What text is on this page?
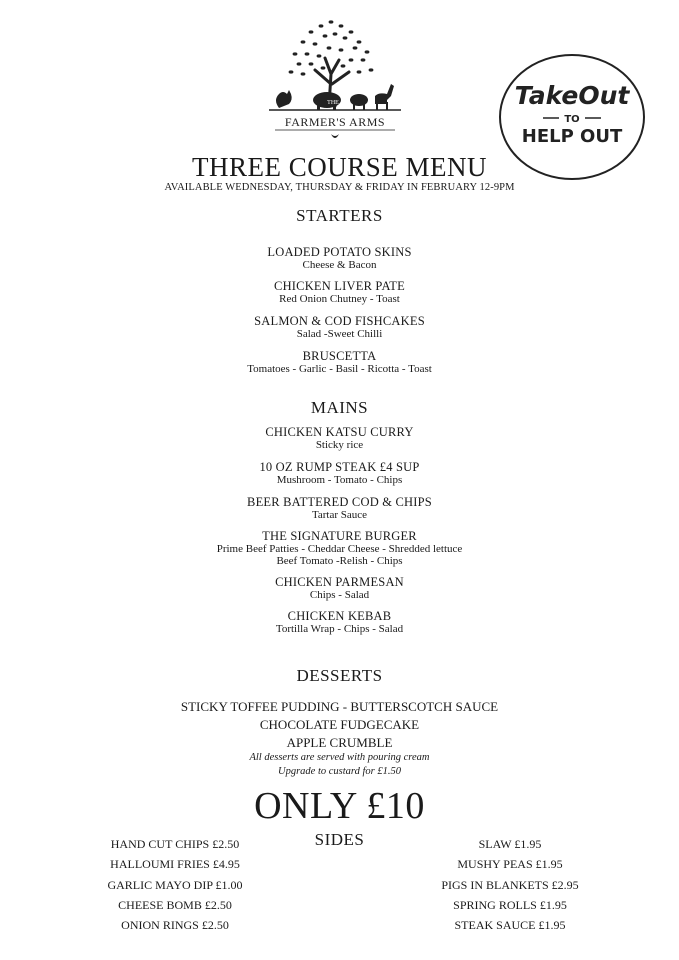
THE
FARMER'S ARMS
TakeOut
TO
HELP OUT
THREE COURSE MENU
AVAILABLE WEDNESDAY, THURSDAY & FRIDAY IN FEBRUARY 12-9PM
STARTERS
LOADED POTATO SKINS
Cheese & Bacon
CHICKEN LIVER PATE
Red Onion Chutney - Toast
SALMON & COD FISHCAKES
Salad -Sweet Chilli
BRUSCETTA
Tomatoes - Garlic - Basil - Ricotta - Toast
MAINS
CHICKEN KATSU CURRY
Sticky rice
10 OZ RUMP STEAK £4 SUP
Mushroom - Tomato - Chips
BEER BATTERED COD & CHIPS
Tartar Sauce
THE SIGNATURE BURGER
Prime Beef Patties - Cheddar Cheese - Shredded lettuce
Beef Tomato -Relish - Chips
CHICKEN PARMESAN
Chips - Salad
CHICKEN KEBAB
Tortilla Wrap - Chips - Salad
DESSERTS
STICKY TOFFEE PUDDING - BUTTERSCOTCH SAUCE
CHOCOLATE FUDGECAKE
APPLE CRUMBLE
All desserts are served with pouring cream
Upgrade to custard for £1.50
ONLY £10
SIDES
HAND CUT CHIPS £2.50
HALLOUMI FRIES £4.95
GARLIC MAYO DIP £1.00
CHEESE BOMB £2.50
ONION RINGS £2.50
SLAW £1.95
MUSHY PEAS £1.95
PIGS IN BLANKETS £2.95
SPRING ROLLS £1.95
STEAK SAUCE £1.95
